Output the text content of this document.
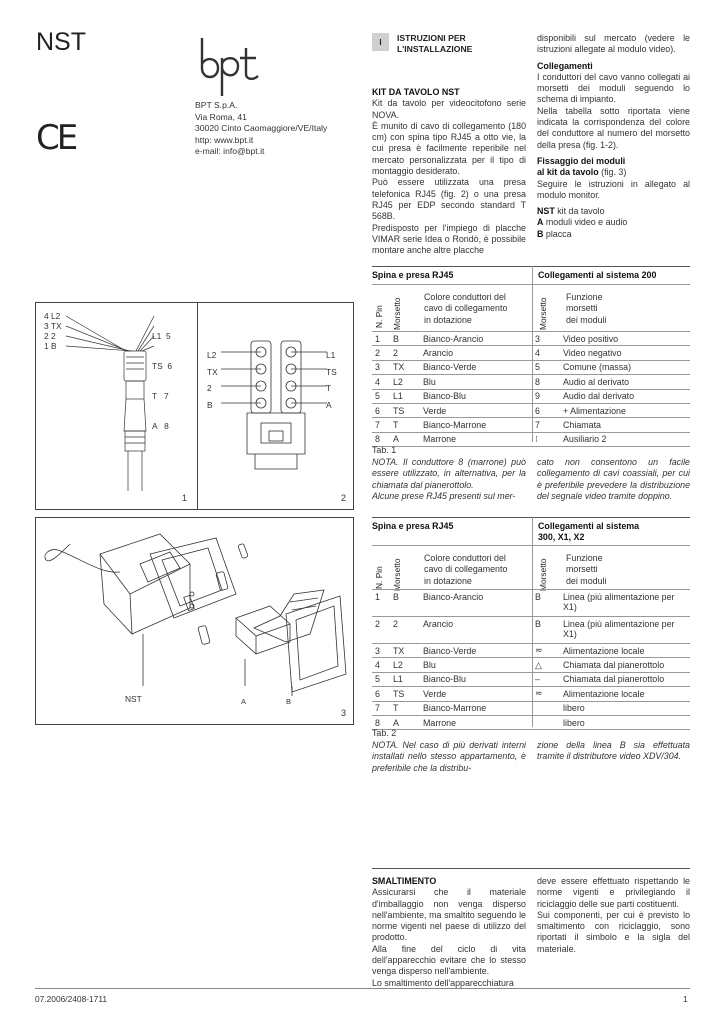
NST
BPT S.p.A.
Via Roma, 41
30020 Cinto Caomaggiore/VE/Italy
http: www.bpt.it
e-mail: info@bpt.it
CE
I	ISTRUZIONI PER
L'INSTALLAZIONE

KIT DA TAVOLO NST

Kit da tavolo per videocitofono serie NOVA.

È munito di cavo di collegamento (180 cm) con spina tipo RJ45 a otto vie, la cui presa è facilmente reperibile nel mercato personalizzata per il tipo di montaggio desiderato.

Può essere utilizzata una presa telefonica RJ45 (fig. 2) o una presa RJ45 per EDP secondo standard T 568B.

Predisposto per l'impiego di placche VIMAR serie Idea o Rondò, è possibile montare anche altre placche

disponibili sul mercato (vedere le istruzioni allegate al modulo video).

Collegamenti

I conduttori del cavo vanno collegati ai morsetti dei moduli seguendo lo schema di impianto.

Nella tabella sotto riportata viene indicata la corrispondenza del colore del conduttore al numero del morsetto della presa (fig. 1-2).

Fissaggio dei moduli

al kit da tavolo (fig. 3)

Seguire le istruzioni in allegato al modulo monitor.

NST kit da tavolo

A moduli video e audio

B placca

1	2
4 L2
3 TX
2 2
1 B

L1  5

TS  6

T   7

A   8

L2
TX
2
B
L1
TS
T
A
3
NST	A	B
Spina e presa RJ45	Collegamenti al sistema 200
N. Pin Morsetto
Colore conduttori del
cavo di collegamento
in dotazione	Morsetto
Funzione
morsetti
dei moduli
1	B	Bianco-Arancio	3	Video positivo
2	2	Arancio	4	Video negativo
3	TX	Bianco-Verde	5	Comune (massa)
4	L2	Blu	8	Audio al derivato
5	L1	Bianco-Blu	9	Audio dal derivato
6	TS	Verde	6	+ Alimentazione
7	T	Bianco-Marrone	7	Chiamata
8	A	Marrone	⁝	Ausiliario 2
Tab. 1

NOTA. Il conduttore 8 (marrone) può essere utilizzato, in alternativa, per la chiamata dal pianerottolo.

Alcune prese RJ45 presenti sul mer-

cato non consentono un facile collegamento di cavi coassiali, per cui è preferibile prevedere la distribuzione del segnale video tramite doppino.
Spina e presa RJ45	Collegamenti al sistema
300, X1, X2
N. Pin Morsetto
Colore conduttori del
cavo di collegamento
in dotazione	Morsetto
Funzione
morsetti
dei moduli
1	B	Bianco-Arancio	B	Linea (più alimentazione per X1)
2	2	Arancio	B	Linea (più alimentazione per X1)
3	TX	Bianco-Verde	≂	Alimentazione locale
4	L2	Blu	△	Chiamata dal pianerottolo
5	L1	Bianco-Blu	–	Chiamata dal pianerottolo
6	TS	Verde	≂	Alimentazione locale
7	T	Bianco-Marrone		libero
8	A	Marrone		libero
Tab. 2
NOTA. Nel caso di più derivati interni installati nello stesso appartamento, è preferibile che la distribu-
zione della linea B sia effettuata tramite il distributore video XDV/304.

SMALTIMENTO

Assicurarsi che il materiale d'imballaggio non venga disperso nell'ambiente, ma smaltito seguendo le norme vigenti nel paese di utilizzo del prodotto.

Alla fine del ciclo di vita dell'apparecchio evitare che lo stesso venga disperso nell'ambiente.

Lo smaltimento dell'apparecchiatura

deve essere effettuato rispettando le norme vigenti e privilegiando il riciclaggio delle sue parti costituenti.

Sui componenti, per cui è previsto lo smaltimento con riciclaggio, sono riportati il simbolo e la sigla del materiale.

07.2006/2408-1711	1
